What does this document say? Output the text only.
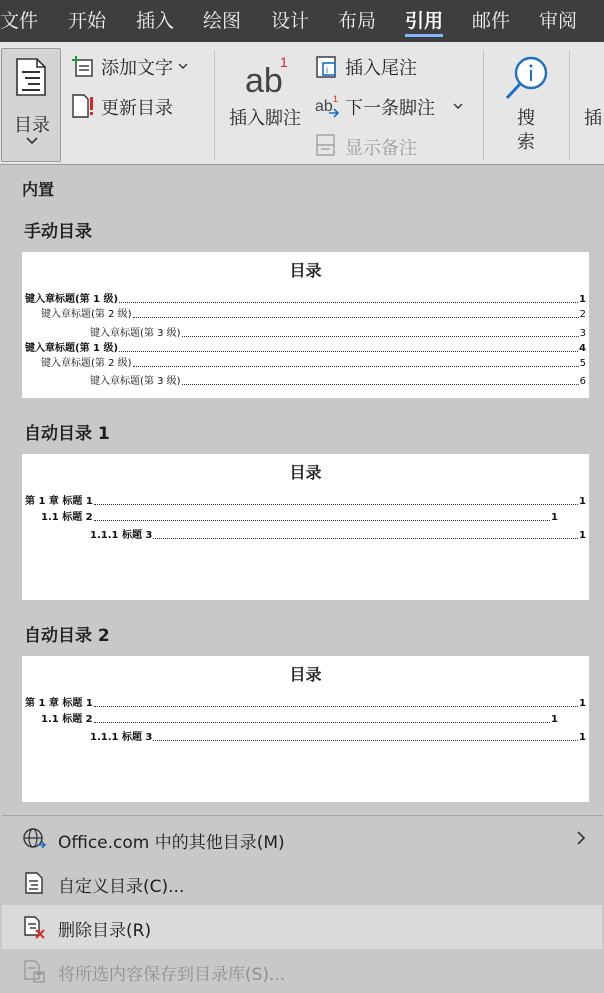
文件 开始 插入 绘图 设计 布局 引用 邮件 审阅
目录
添加文字
更新目录
ab
1
插入脚注
i 插入尾注
ab 1 下一条脚注
显示备注
搜
索
插
内置
手动目录
目录
键入章标题(第 1 级)	1
键入章标题(第 2 级)	2
键入章标题(第 3 级)	3
键入章标题(第 1 级)	4
键入章标题(第 2 级)	5
键入章标题(第 3 级)	6
自动目录 1
目录
第 1 章 标题 1	1
1.1 标题 2	1
1.1.1 标题 3	1
自动目录 2
目录
第 1 章 标题 1	1
1.1 标题 2	1
1.1.1 标题 3	1
Office.com 中的其他目录(M)
自定义目录(C)...
删除目录(R)
将所选内容保存到目录库(S)...
